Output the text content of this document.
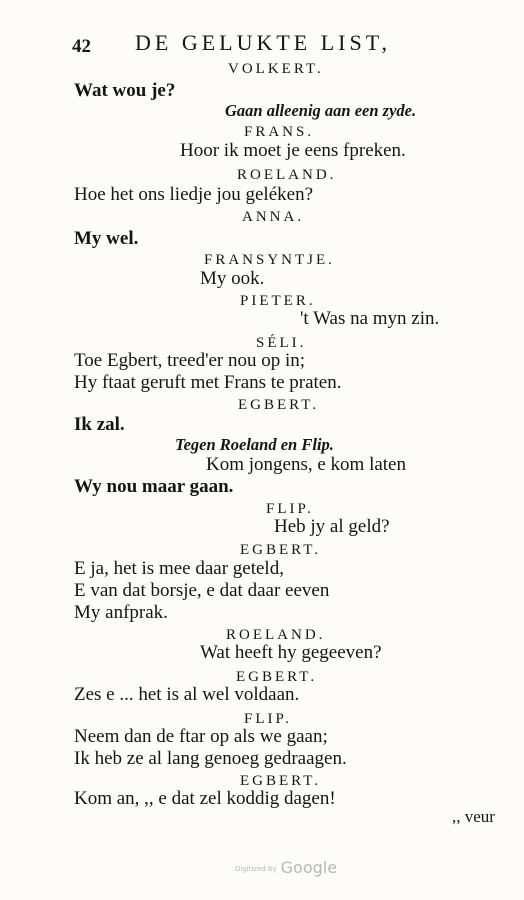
42 DE GELUKTE LIST,
VOLKERT.
Wat wou je?
Gaan alleenig aan een zyde.
FRANS.
Hoor ik moet je eens fpreken.
ROELAND.
Hoe het ons liedje jou geléken?
ANNA.
My wel.
FRANSYNTJE.
My ook.
PIETER.
't Was na myn zin.
SÉLI.
Toe Egbert, treed'er nou op in;
Hy ftaat geruft met Frans te praten.
EGBERT.
Ik zal.
Tegen Roeland en Flip.
Kom jongens, e kom laten
Wy nou maar gaan.
FLIP.
Heb jy al geld?
EGBERT.
E ja, het is mee daar geteld,
E van dat borsje, e dat daar eeven
My anfprak.
ROELAND.
Wat heeft hy gegeeven?
EGBERT.
Zes e ... het is al wel voldaan.
FLIP.
Neem dan de ftar op als we gaan;
Ik heb ze al lang genoeg gedraagen.
EGBERT.
Kom an, ,, e dat zel koddig dagen!
,, veur
Digitized by Google
